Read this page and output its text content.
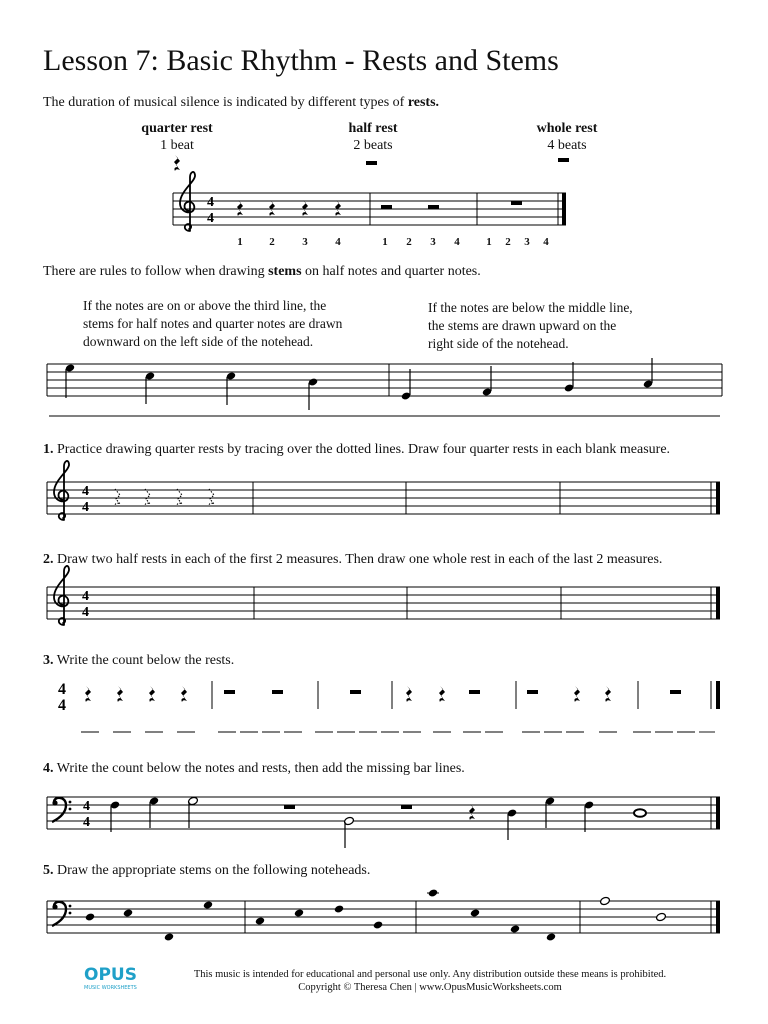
Lesson 7: Basic Rhythm - Rests and Stems
The duration of musical silence is indicated by different types of rests.
quarter rest
1 beat
half rest
2 beats
whole rest
4 beats
1	2	3	4	1	2	3	4	1	2	3	4
There are rules to follow when drawing stems on half notes and quarter notes.
If the notes are on or above the third line, the
stems for half notes and quarter notes are drawn
downward on the left side of the notehead.
If the notes are below the middle line,
the stems are drawn upward on the
right side of the notehead.
1. Practice drawing quarter rests by tracing over the dotted lines. Draw four quarter rests in each blank measure.
2. Draw two half rests in each of the first 2 measures. Then draw one whole rest in each of the last 2 measures.
3. Write the count below the rests.
4. Write the count below the notes and rests, then add the missing bar lines.
5. Draw the appropriate stems on the following noteheads.
OPUS
MUSIC WORKSHEETS
This music is intended for educational and personal use only. Any distribution outside these means is prohibited.
Copyright © Theresa Chen | www.OpusMusicWorksheets.com
4
4
4
4
4
4
4
4
4
4
